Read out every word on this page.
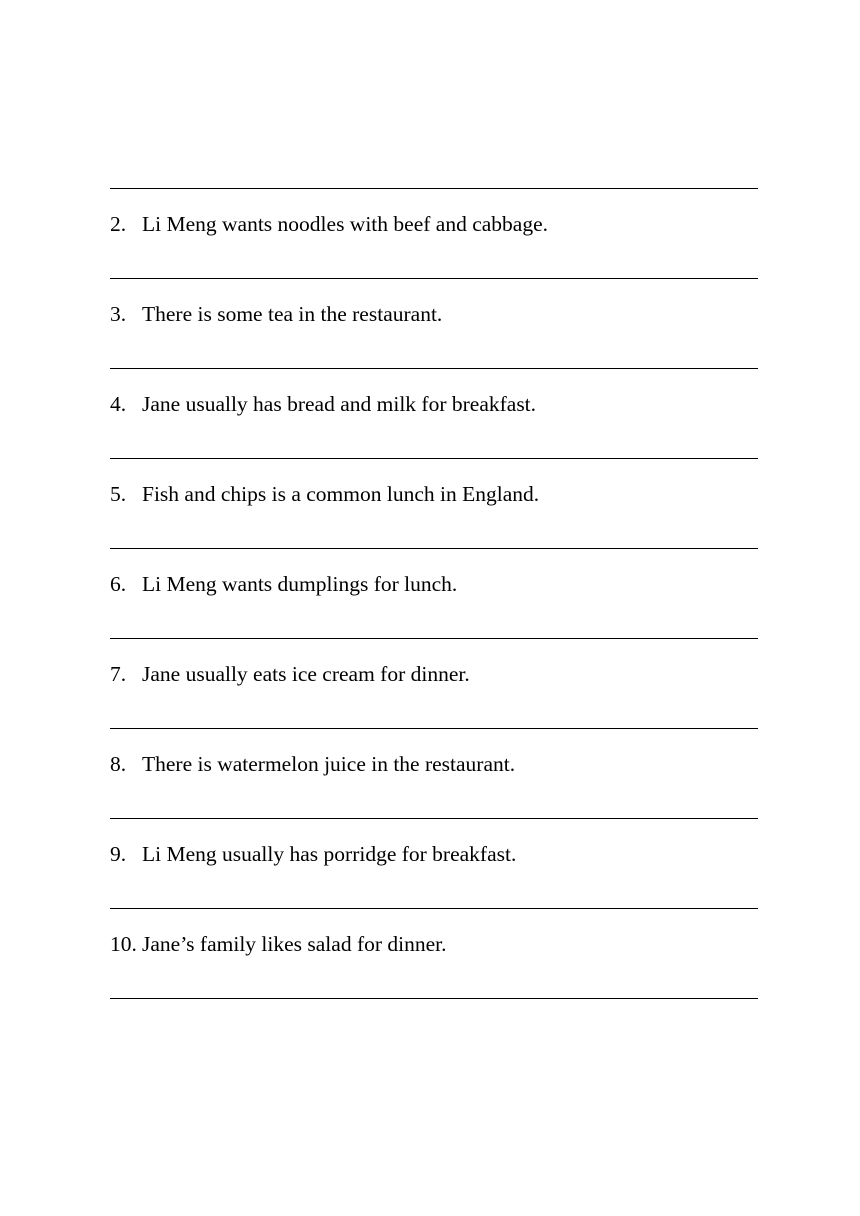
2. Li Meng wants noodles with beef and cabbage.
3. There is some tea in the restaurant.
4. Jane usually has bread and milk for breakfast.
5. Fish and chips is a common lunch in England.
6. Li Meng wants dumplings for lunch.
7. Jane usually eats ice cream for dinner.
8. There is watermelon juice in the restaurant.
9. Li Meng usually has porridge for breakfast.
10. Jane’s family likes salad for dinner.
